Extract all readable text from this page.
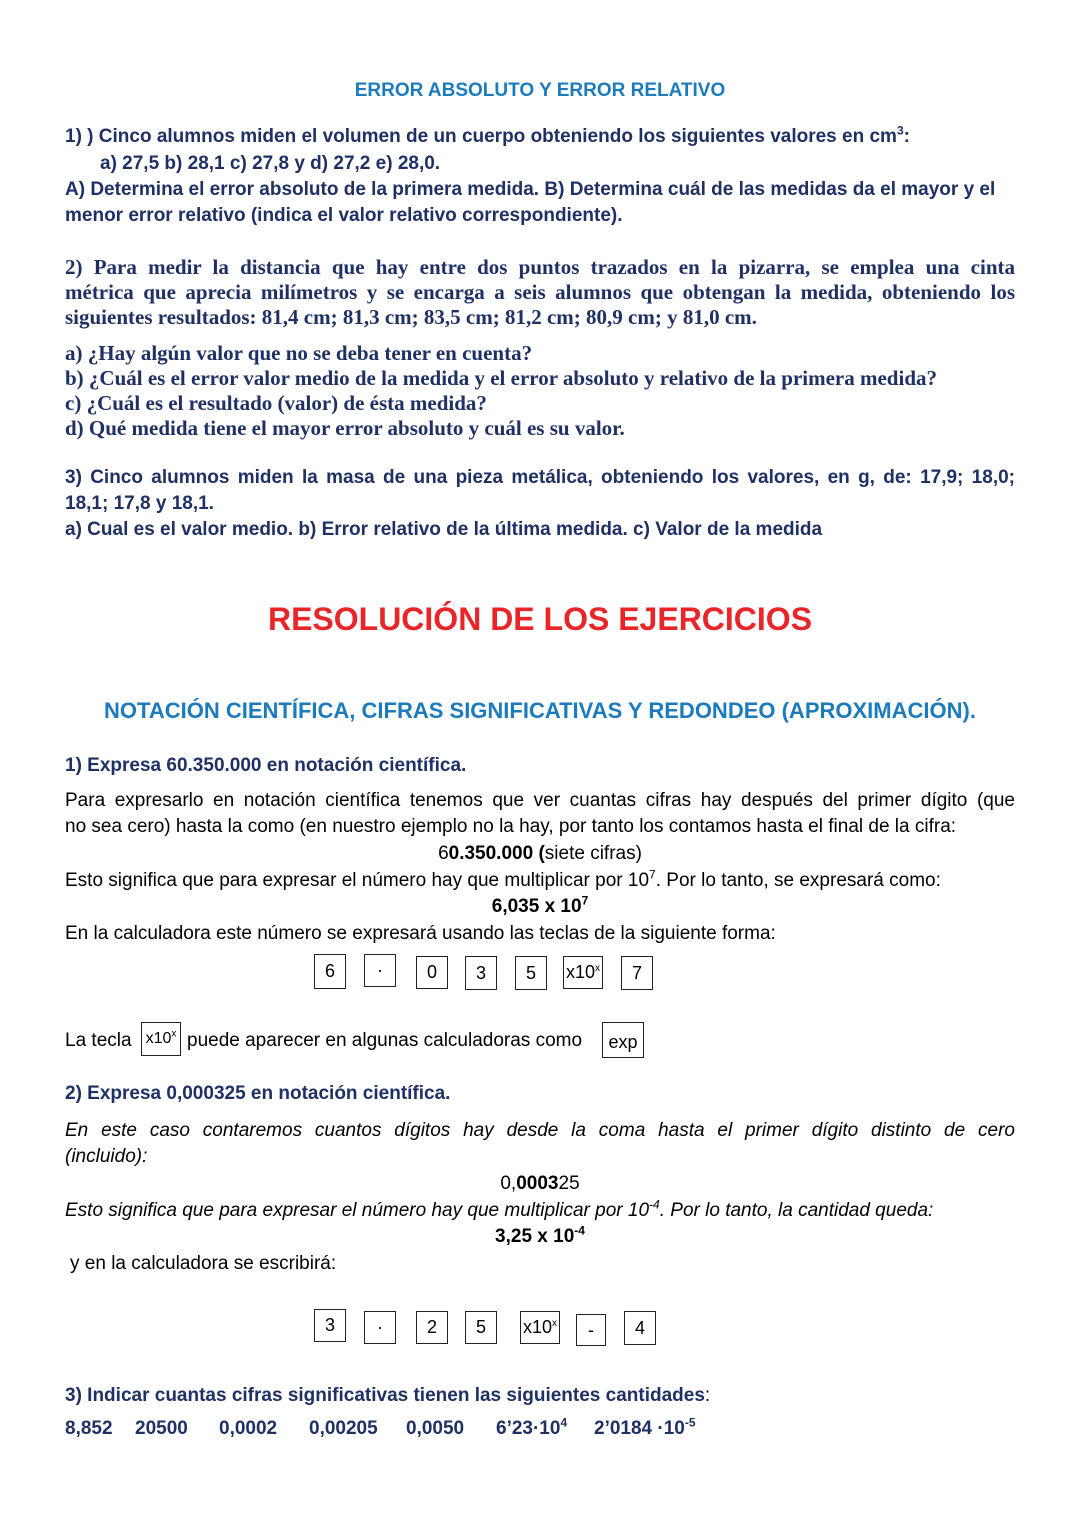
ERROR ABSOLUTO Y ERROR RELATIVO
1) ) Cinco alumnos miden el volumen de un cuerpo obteniendo los siguientes valores en $cm^3$:
a) 27,5 b) 28,1 c) 27,8 y d) 27,2 e) 28,0.
A) Determina el error absoluto de la primera medida. B) Determina cuál de las medidas da el mayor y el
menor error relativo (indica el valor relativo correspondiente).
2) Para medir la distancia que hay entre dos puntos trazados en la pizarra, se emplea una cinta
métrica que aprecia milímetros y se encarga a seis alumnos que obtengan la medida, obteniendo los
siguientes resultados: 81,4 cm; 81,3 cm; 83,5 cm; 81,2 cm; 80,9 cm; y 81,0 cm.
a) ¿Hay algún valor que no se deba tener en cuenta?
b) ¿Cuál es el error valor medio de la medida y el error absoluto y relativo de la primera medida?
c) ¿Cuál es el resultado (valor) de ésta medida?
d) Qué medida tiene el mayor error absoluto y cuál es su valor.
3) Cinco alumnos miden la masa de una pieza metálica, obteniendo los valores, en g, de: 17,9; 18,0;
18,1; 17,8 y 18,1.
a) Cual es el valor medio. b) Error relativo de la última medida. c) Valor de la medida
RESOLUCIÓN DE LOS EJERCICIOS
NOTACIÓN CIENTÍFICA, CIFRAS SIGNIFICATIVAS Y REDONDEO (APROXIMACIÓN).
1) Expresa 60.350.000 en notación científica.
Para expresarlo en notación científica tenemos que ver cuantas cifras hay después del primer dígito (que
no sea cero) hasta la como (en nuestro ejemplo no la hay, por tanto los contamos hasta el final de la cifra:
60.350.000 (siete cifras)
Esto significa que para expresar el número hay que multiplicar por $10^7$. Por lo tanto, se expresará como:
6,035 x $10^7$
En la calculadora este número se expresará usando las teclas de la siguiente forma:
6	·	0	3	5	x10$^x$	7
La tecla x10$^x$ puede aparecer en algunas calculadoras como	exp
2) Expresa 0,000325 en notación científica.
En este caso contaremos cuantos dígitos hay desde la coma hasta el primer dígito distinto de cero
(incluido):
0,000325
Esto significa que para expresar el número hay que multiplicar por $10^{-4}$. Por lo tanto, la cantidad queda:
3,25 x $10^{-4}$
y en la calculadora se escribirá:
3	·	2	5	x10$^x$	-	4
3) Indicar cuantas cifras significativas tienen las siguientes cantidades:
8,852 20500 0,0002 0,00205 0,0050 $6’23\cdot 10^4$ 2’0184 $\cdot 10^{-5}$
